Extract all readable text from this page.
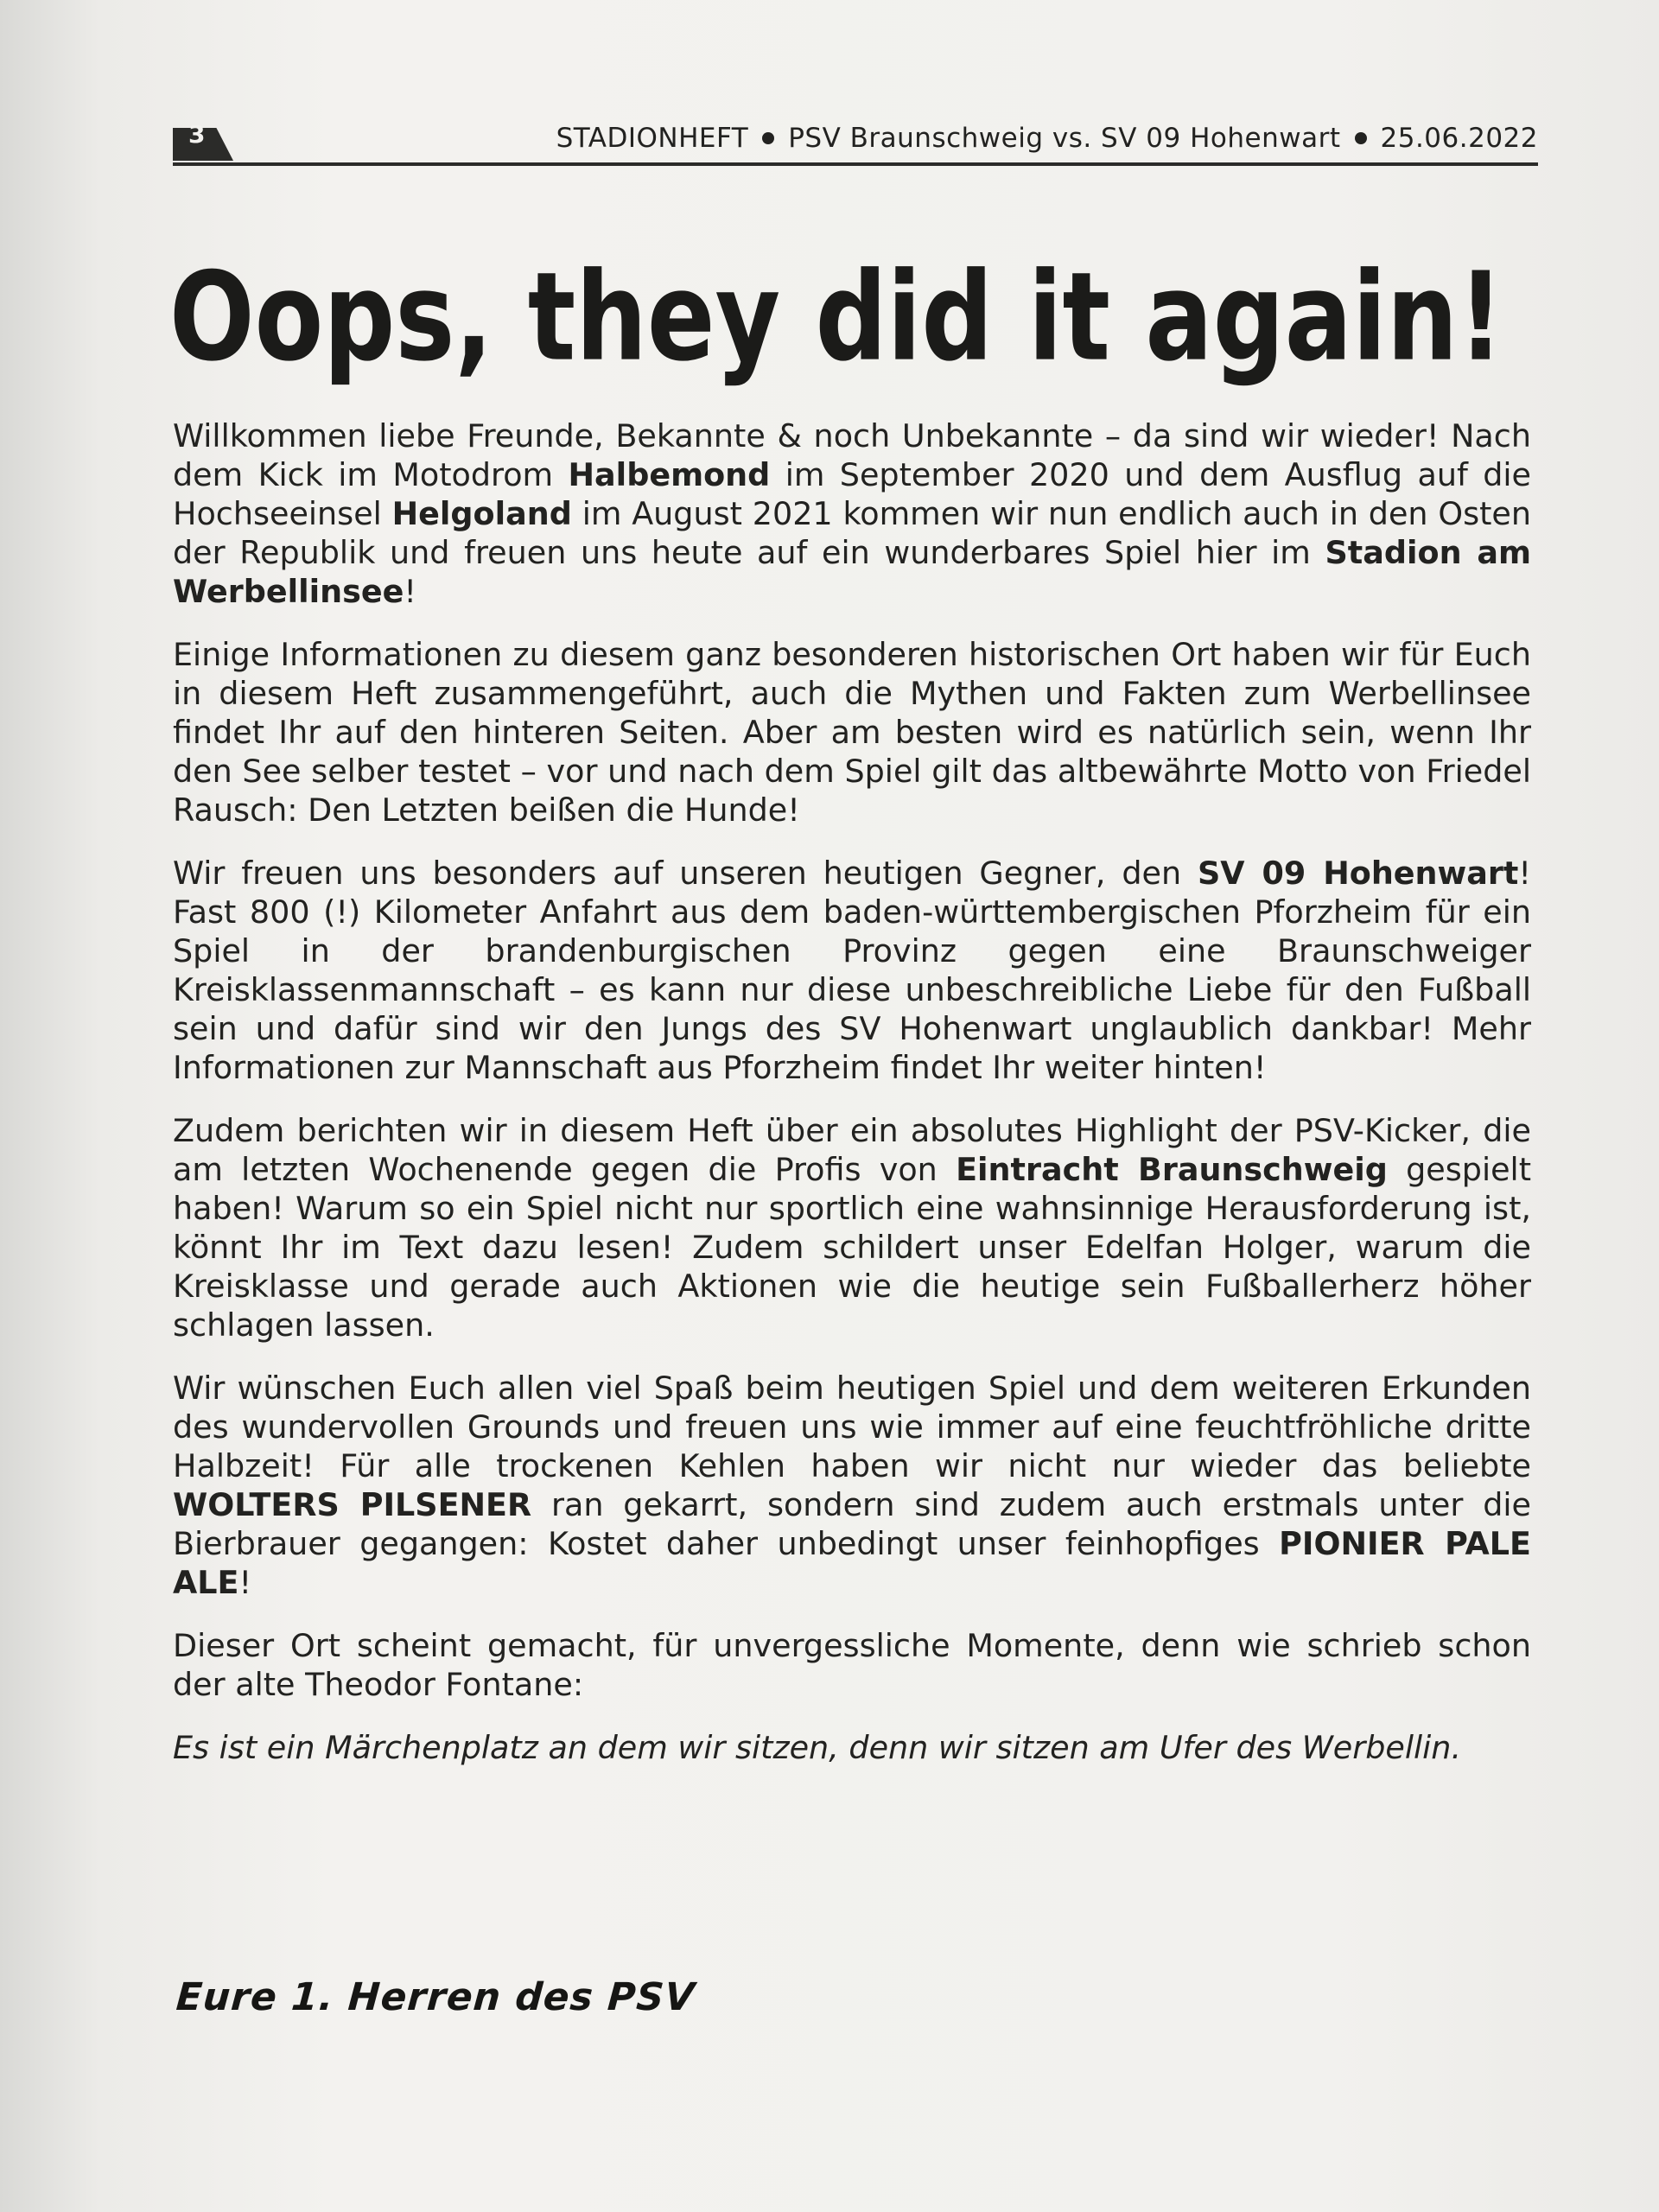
3	STADIONHEFT PSV Braunschweig vs. SV 09 Hohenwart 25.06.2022
Oops, they did it again!

Willkommen liebe Freunde, Bekannte & noch Unbekannte – da sind wir wieder! Nach dem Kick im Motodrom Halbemond im September 2020 und dem Ausflug auf die Hochseeinsel Helgoland im August 2021 kommen wir nun endlich auch in den Osten der Republik und freuen uns heute auf ein wunderbares Spiel hier im Stadion am Werbellinsee!

Einige Informationen zu diesem ganz besonderen historischen Ort haben wir für Euch in diesem Heft zusammengeführt, auch die Mythen und Fakten zum Werbellinsee findet Ihr auf den hinteren Seiten. Aber am besten wird es natürlich sein, wenn Ihr den See selber testet – vor und nach dem Spiel gilt das altbewährte Motto von Friedel Rausch: Den Letzten beißen die Hunde!

Wir freuen uns besonders auf unseren heutigen Gegner, den SV 09 Hohenwart! Fast 800 (!) Kilometer Anfahrt aus dem baden-württembergischen Pforzheim für ein Spiel in der brandenburgischen Provinz gegen eine Braunschweiger Kreisklassenmannschaft – es kann nur diese unbeschreibliche Liebe für den Fußball sein und dafür sind wir den Jungs des SV Hohenwart unglaublich dankbar! Mehr Informationen zur Mannschaft aus Pforzheim findet Ihr weiter hinten!

Zudem berichten wir in diesem Heft über ein absolutes Highlight der PSV-Kicker, die am letzten Wochenende gegen die Profis von Eintracht Braunschweig gespielt haben! Warum so ein Spiel nicht nur sportlich eine wahnsinnige Herausforderung ist, könnt Ihr im Text dazu lesen! Zudem schildert unser Edelfan Holger, warum die Kreisklasse und gerade auch Aktionen wie die heutige sein Fußballerherz höher schlagen lassen.

Wir wünschen Euch allen viel Spaß beim heutigen Spiel und dem weiteren Erkunden des wundervollen Grounds und freuen uns wie immer auf eine feuchtfröhliche dritte Halbzeit! Für alle trockenen Kehlen haben wir nicht nur wieder das beliebte WOLTERS PILSENER ran gekarrt, sondern sind zudem auch erstmals unter die Bierbrauer gegangen: Kostet daher unbedingt unser feinhopfiges PIONIER PALE ALE!

Dieser Ort scheint gemacht, für unvergessliche Momente, denn wie schrieb schon der alte Theodor Fontane:

Es ist ein Märchenplatz an dem wir sitzen, denn wir sitzen am Ufer des Werbellin.

Eure 1. Herren des PSV
